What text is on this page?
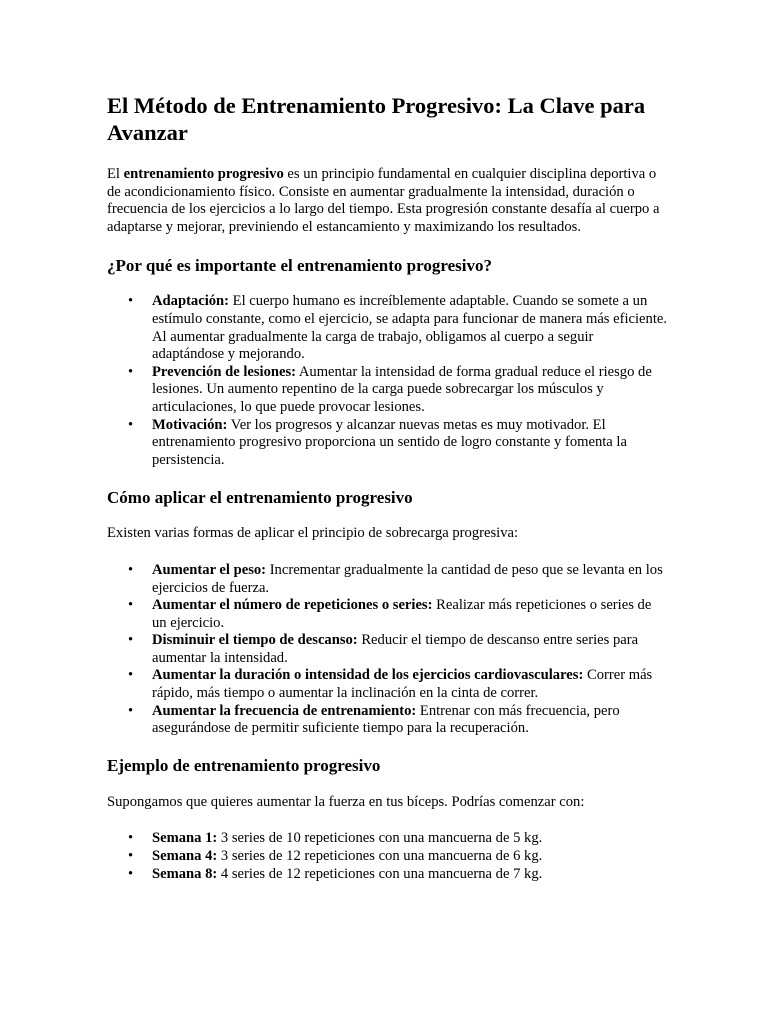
El Método de Entrenamiento Progresivo: La Clave para Avanzar

El entrenamiento progresivo es un principio fundamental en cualquier disciplina deportiva o de acondicionamiento físico. Consiste en aumentar gradualmente la intensidad, duración o frecuencia de los ejercicios a lo largo del tiempo. Esta progresión constante desafía al cuerpo a adaptarse y mejorar, previniendo el estancamiento y maximizando los resultados.

¿Por qué es importante el entrenamiento progresivo?
• Adaptación: El cuerpo humano es increíblemente adaptable. Cuando se somete a un estímulo constante, como el ejercicio, se adapta para funcionar de manera más eficiente. Al aumentar gradualmente la carga de trabajo, obligamos al cuerpo a seguir adaptándose y mejorando.
• Prevención de lesiones: Aumentar la intensidad de forma gradual reduce el riesgo de lesiones. Un aumento repentino de la carga puede sobrecargar los músculos y articulaciones, lo que puede provocar lesiones.
• Motivación: Ver los progresos y alcanzar nuevas metas es muy motivador. El entrenamiento progresivo proporciona un sentido de logro constante y fomenta la persistencia.
Cómo aplicar el entrenamiento progresivo

Existen varias formas de aplicar el principio de sobrecarga progresiva:

• Aumentar el peso: Incrementar gradualmente la cantidad de peso que se levanta en los ejercicios de fuerza.
• Aumentar el número de repeticiones o series: Realizar más repeticiones o series de un ejercicio.
• Disminuir el tiempo de descanso: Reducir el tiempo de descanso entre series para aumentar la intensidad.
• Aumentar la duración o intensidad de los ejercicios cardiovasculares: Correr más rápido, más tiempo o aumentar la inclinación en la cinta de correr.
• Aumentar la frecuencia de entrenamiento: Entrenar con más frecuencia, pero asegurándose de permitir suficiente tiempo para la recuperación.
Ejemplo de entrenamiento progresivo

Supongamos que quieres aumentar la fuerza en tus bíceps. Podrías comenzar con:

• Semana 1: 3 series de 10 repeticiones con una mancuerna de 5 kg.
• Semana 4: 3 series de 12 repeticiones con una mancuerna de 6 kg.
• Semana 8: 4 series de 12 repeticiones con una mancuerna de 7 kg.
